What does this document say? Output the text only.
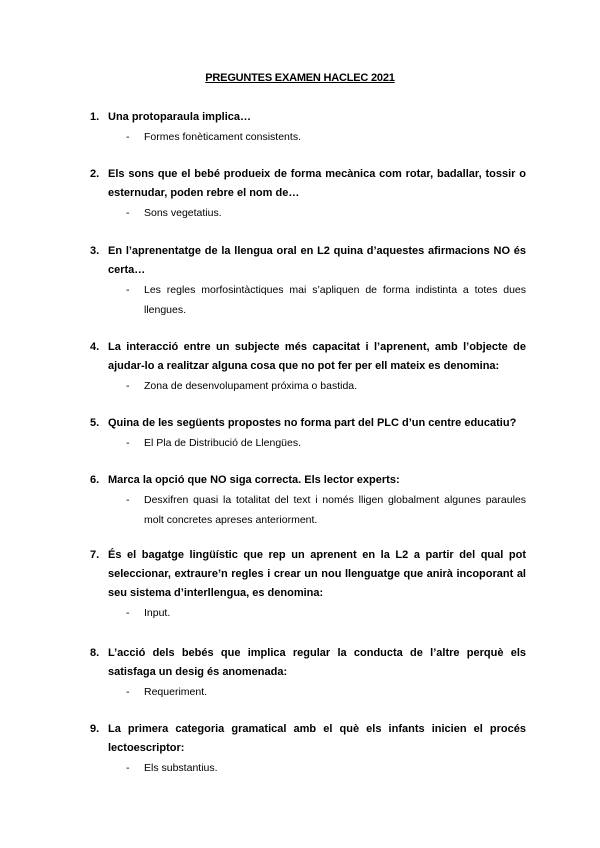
PREGUNTES EXAMEN HACLEC 2021
1. Una protoparaula implica…
-	Formes fonèticament consistents.
2. Els sons que el bebé produeix de forma mecànica com rotar, badallar, tossir o esternudar, poden rebre el nom de…
-	Sons vegetatius.
3. En l’aprenentatge de la llengua oral en L2 quina d’aquestes afirmacions NO és certa…
-	Les regles morfosintàctiques mai s’apliquen de forma indistinta a totes dues llengues.
4. La interacció entre un subjecte més capacitat i l’aprenent, amb l’objecte de ajudar-lo a realitzar alguna cosa que no pot fer per ell mateix es denomina:
-	Zona de desenvolupament próxima o bastida.
5. Quina de les següents propostes no forma part del PLC d’un centre educatiu?
-	El Pla de Distribució de Llengües.
6. Marca la opció que NO siga correcta. Els lector experts:
-	Desxifren quasi la totalitat del text i només lligen globalment algunes paraules molt concretes apreses anteriorment.
7. És el bagatge lingüístic que rep un aprenent en la L2 a partir del qual pot seleccionar, extraure’n regles i crear un nou llenguatge que anirà incoporant al seu sistema d’interllengua, es denomina:
-	Input.
8. L’acció dels bebés que implica regular la conducta de l’altre perquè els satisfaga un desig és anomenada:
-	Requeriment.
9. La primera categoria gramatical amb el què els infants inicien el procés lectoescriptor:
-	Els substantius.
